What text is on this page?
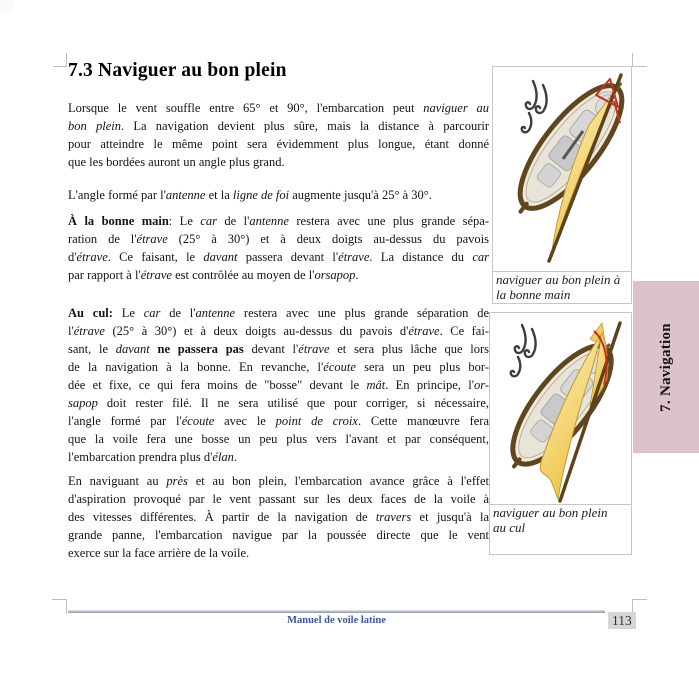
7.3 Naviguer au bon plein
Lorsque le vent souffle entre 65° et 90°, l'embarcation peut naviguer au
bon plein. La navigation devient plus sûre, mais la distance à parcourir
pour atteindre le même point sera évidemment plus longue, étant donné
que les bordées auront un angle plus grand.
L'angle formé par l'antenne et la ligne de foi augmente jusqu'à 25° à 30°.
À la bonne main: Le car de l'antenne restera avec une plus grande sépa-
ration de l'étrave (25° à 30°) et à deux doigts au-dessus du pavois
d'étrave. Ce faisant, le davant passera devant l'étrave. La distance du car
par rapport à l'étrave est contrôlée au moyen de l'orsapop.
Au cul: Le car de l'antenne restera avec une plus grande séparation de
l'étrave (25° à 30°) et à deux doigts au-dessus du pavois d'étrave. Ce fai-
sant, le davant ne passera pas devant l'étrave et sera plus lâche que lors
de la navigation à la bonne. En revanche, l'écoute sera un peu plus bor-
dée et fixe, ce qui fera moins de "bosse" devant le mât. En principe, l'or-
sapop doit rester filé. Il ne sera utilisé que pour corriger, si nécessaire,
l'angle formé par l'écoute avec le point de croix. Cette manœuvre fera
que la voile fera une bosse un peu plus vers l'avant et par conséquent,
l'embarcation prendra plus d'élan.
En naviguant au près et au bon plein, l'embarcation avance grâce à l'effet
d'aspiration provoqué par le vent passant sur les deux faces de la voile à
des vitesses différentes. À partir de la navigation de travers et jusqu'à la
grande panne, l'embarcation navigue par la poussée directe que le vent
exerce sur la face arrière de la voile.
naviguer au bon plein à
la bonne main
naviguer au bon plein
au cul
7. Navigation
Manuel de voile latine	113
